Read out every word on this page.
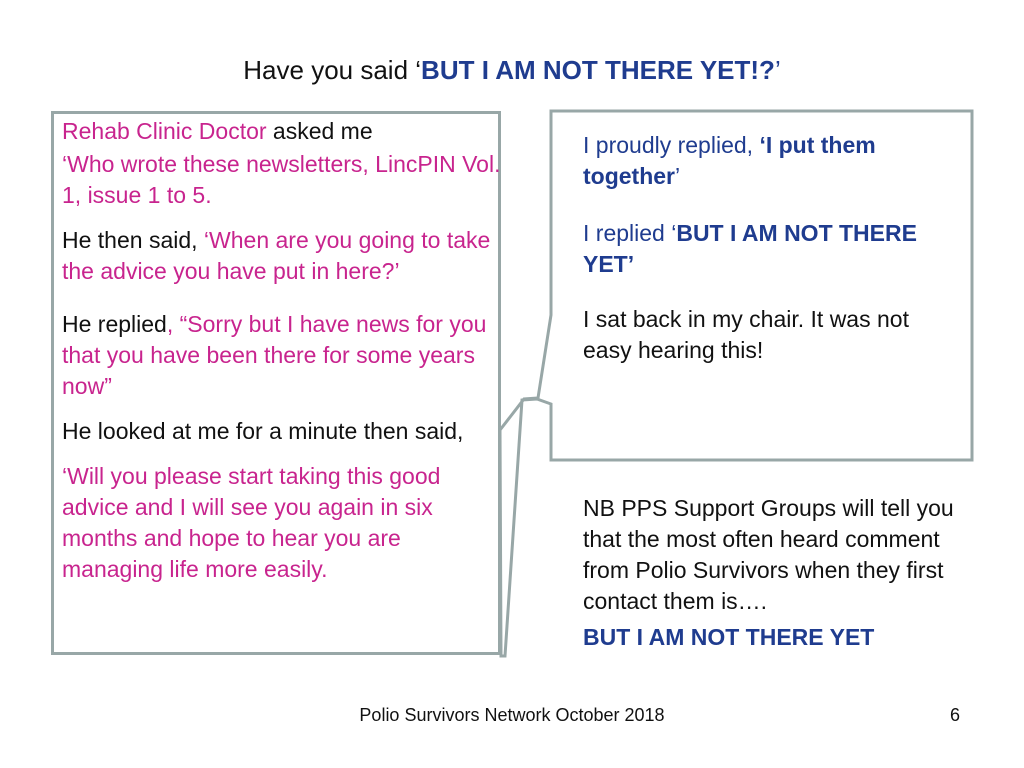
Have you said ‘BUT I AM NOT THERE YET!?’

Rehab Clinic Doctor asked me

‘Who wrote these newsletters, LincPIN Vol. 1, issue 1 to 5.

He then said, ‘When are you going to take the advice you have put in here?’

He replied, “Sorry but I have news for you that you have been there for some years now”

He looked at me for a minute then said,

‘Will you please start taking this good advice and I will see you again in six months and hope to hear you are managing life more easily.

I proudly replied, ‘I put them together’

I replied ‘BUT I AM NOT THERE YET’

I sat back in my chair. It was not easy hearing this!

NB PPS Support Groups will tell you that the most often heard comment from Polio Survivors when they first contact them is….

BUT I AM NOT THERE YET

Polio Survivors Network October 2018	6
